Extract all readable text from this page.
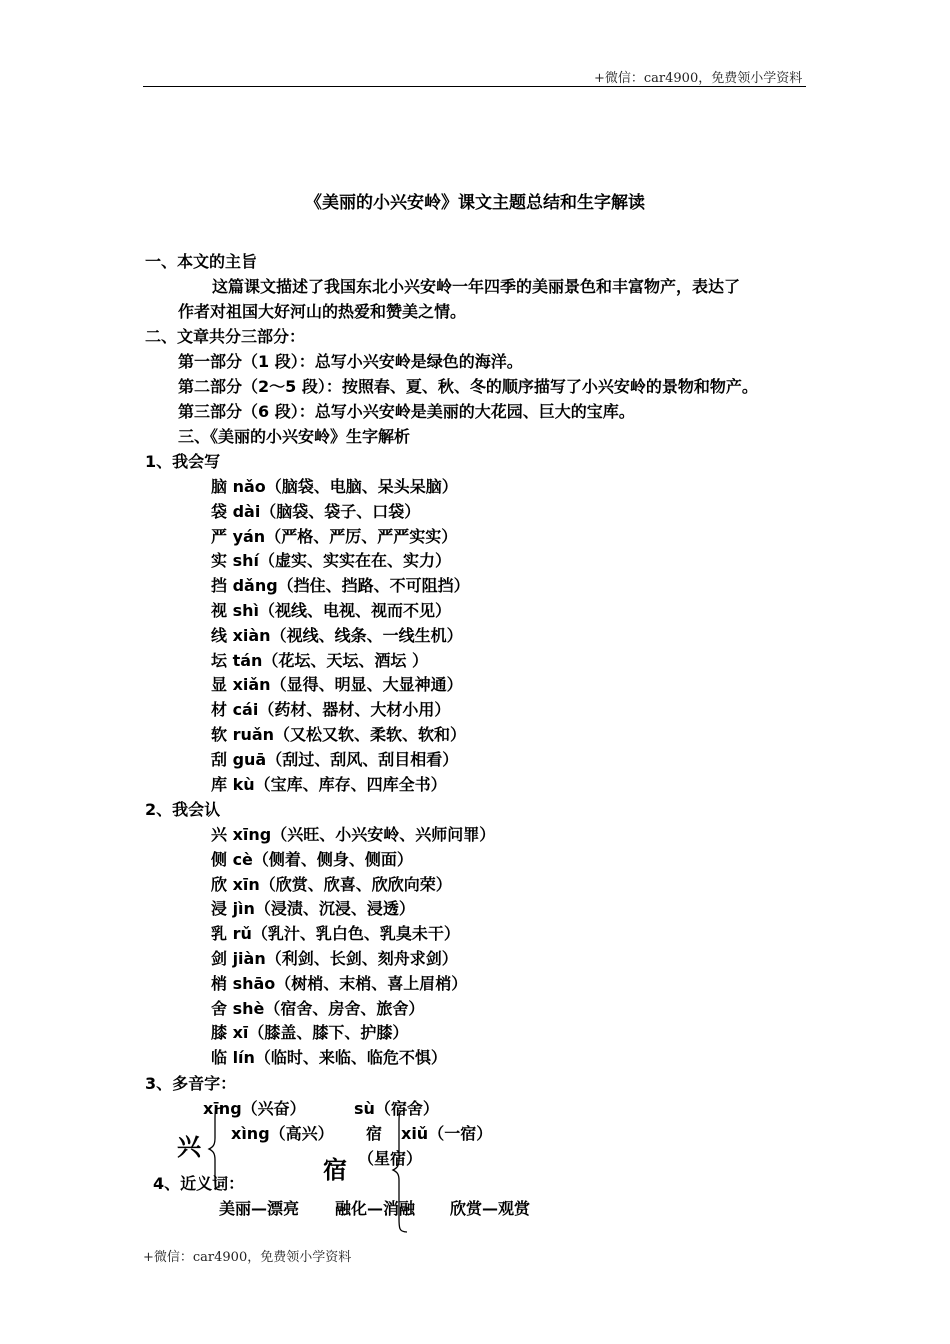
+微信：car4900，免费领小学资料
《美丽的小兴安岭》课文主题总结和生字解读
一、本文的主旨
这篇课文描述了我国东北小兴安岭一年四季的美丽景色和丰富物产，表达了
作者对祖国大好河山的热爱和赞美之情。
二、文章共分三部分：
第一部分（1 段）：总写小兴安岭是绿色的海洋。
第二部分（2～5 段）：按照春、夏、秋、冬的顺序描写了小兴安岭的景物和物产。
第三部分（6 段）：总写小兴安岭是美丽的大花园、巨大的宝库。
三、《美丽的小兴安岭》生字解析
1、我会写
脑 nǎo（脑袋、电脑、呆头呆脑）
袋 dài（脑袋、袋子、口袋）
严 yán（严格、严厉、严严实实）
实 shí（虚实、实实在在、实力）
挡 dǎng（挡住、挡路、不可阻挡）
视 shì（视线、电视、视而不见）
线 xiàn（视线、线条、一线生机）
坛 tán（花坛、天坛、酒坛 ）
显 xiǎn（显得、明显、大显神通）
材 cái（药材、器材、大材小用）
软 ruǎn（又松又软、柔软、软和）
刮 guā（刮过、刮风、刮目相看）
库 kù（宝库、库存、四库全书）
2、我会认
兴 xīng（兴旺、小兴安岭、兴师问罪）
侧 cè（侧着、侧身、侧面）
欣 xīn（欣赏、欣喜、欣欣向荣）
浸 jìn（浸渍、沉浸、浸透）
乳 rǔ（乳汁、乳白色、乳臭未干）
剑 jiàn（利剑、长剑、刻舟求剑）
梢 shāo（树梢、末梢、喜上眉梢）
舍 shè（宿舍、房舍、旅舍）
膝 xī（膝盖、膝下、护膝）
临 lín（临时、来临、临危不惧）
3、多音字：
xīng（兴奋）
xìng（高兴）
兴
sù（宿舍）
宿 xiǔ（一宿）
宿 （星宿）
4、近义词：
美丽—漂亮 融化—消融 欣赏—观赏
+微信：car4900，免费领小学资料
